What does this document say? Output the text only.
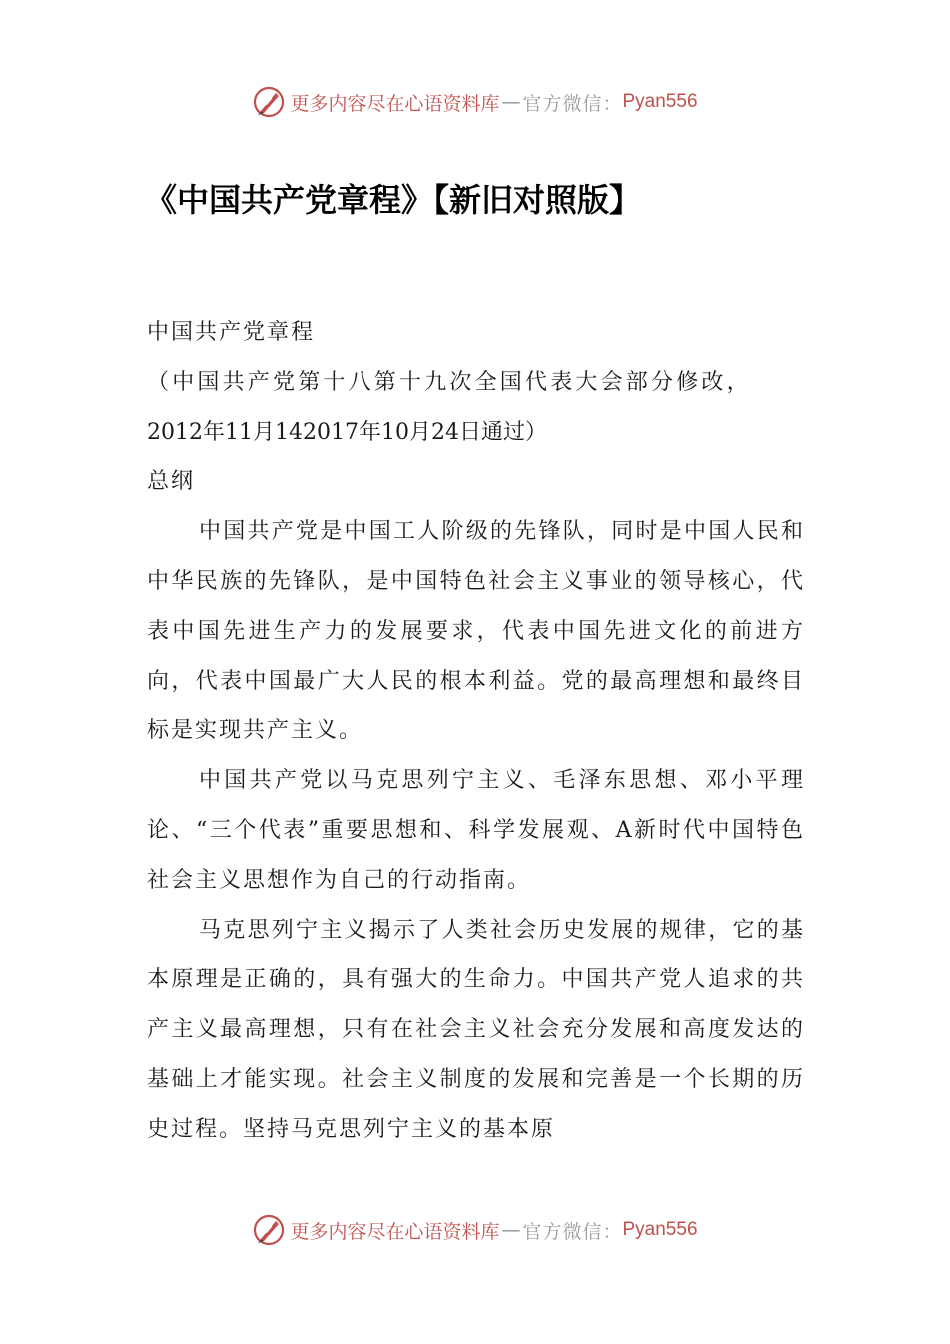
更多内容尽在心语资料库 — 官方微信： Pyan556
《中国共产党章程》【新旧对照版】

中国共产党章程

（中国共产党第十八第十九次全国代表大会部分修改，

2012年11月142017年10月24日通过）

总纲

中国共产党是中国工人阶级的先锋队，同时是中国人民和中华民族的先锋队，是中国特色社会主义事业的领导核心，代表中国先进生产力的发展要求，代表中国先进文化的前进方向，代表中国最广大人民的根本利益。党的最高理想和最终目标是实现共产主义。

中国共产党以马克思列宁主义、毛泽东思想、邓小平理论、“三个代表”重要思想和、科学发展观、A新时代中国特色社会主义思想作为自己的行动指南。

马克思列宁主义揭示了人类社会历史发展的规律，它的基本原理是正确的，具有强大的生命力。中国共产党人追求的共产主义最高理想，只有在社会主义社会充分发展和高度发达的基础上才能实现。社会主义制度的发展和完善是一个长期的历史过程。坚持马克思列宁主义的基本原

更多内容尽在心语资料库 — 官方微信： Pyan556
